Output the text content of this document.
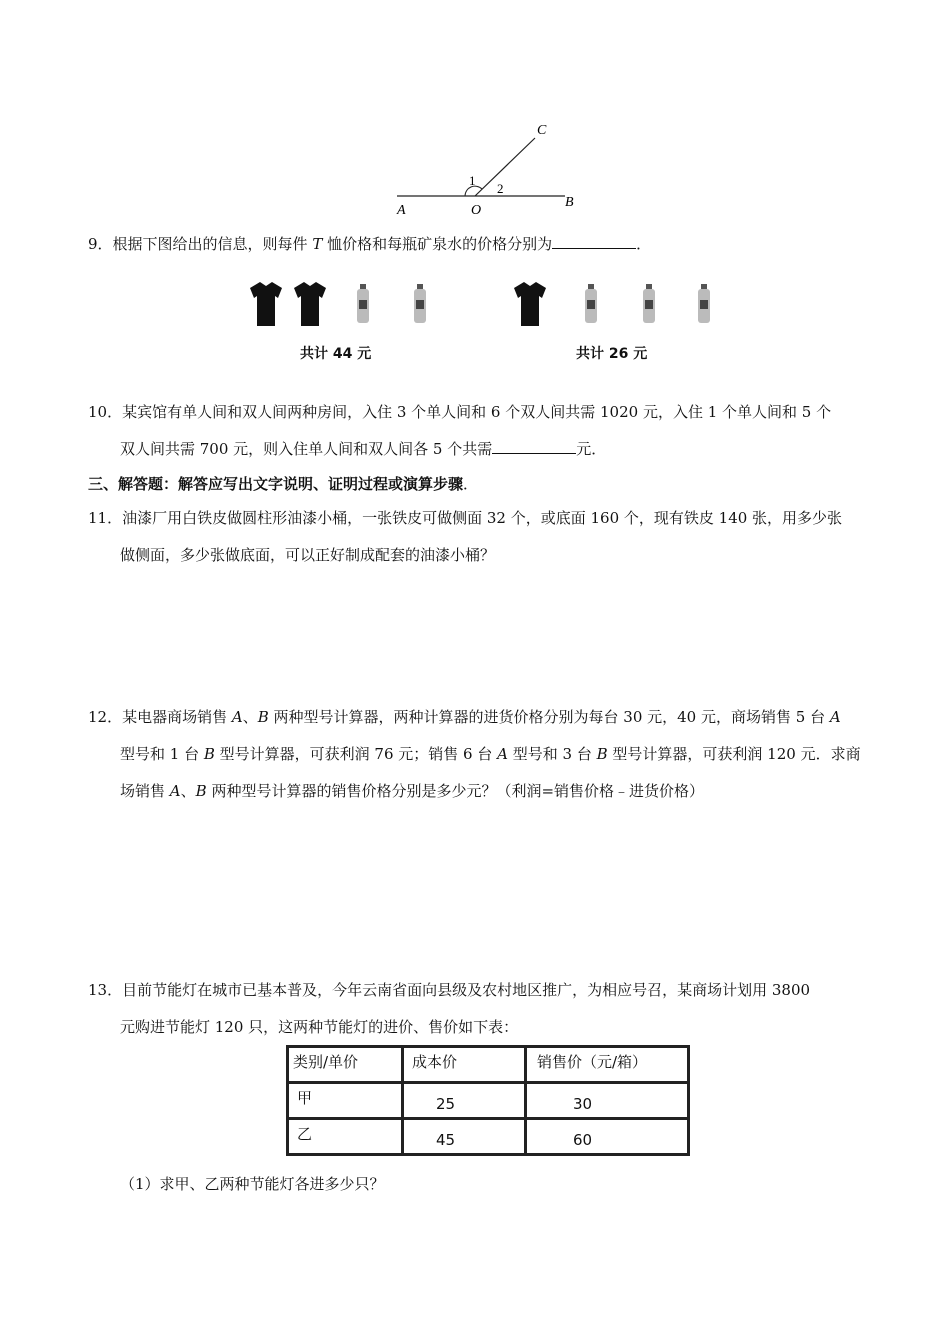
A	O
B
C
1
2
9．根据下图给出的信息，则每件 T 恤价格和每瓶矿泉水的价格分别为	．
共计 44 元	共计 26 元
10．某宾馆有单人间和双人间两种房间，入住 3 个单人间和 6 个双人间共需 1020 元，入住 1 个单人间和 5 个
双人间共需 700 元，则入住单人间和双人间各 5 个共需	元．
三、解答题：解答应写出文字说明、证明过程或演算步骤．
11．油漆厂用白铁皮做圆柱形油漆小桶，一张铁皮可做侧面 32 个，或底面 160 个，现有铁皮 140 张，用多少张
做侧面，多少张做底面，可以正好制成配套的油漆小桶？
12．某电器商场销售 A、B 两种型号计算器，两种计算器的进货价格分别为每台 30 元，40 元，商场销售 5 台 A
型号和 1 台 B 型号计算器，可获利润 76 元；销售 6 台 A 型号和 3 台 B 型号计算器，可获利润 120 元．求商
场销售 A、B 两种型号计算器的销售价格分别是多少元？（利润=销售价格﹣进货价格）
13．目前节能灯在城市已基本普及，今年云南省面向县级及农村地区推广，为相应号召，某商场计划用 3800
元购进节能灯 120 只，这两种节能灯的进价、售价如下表：
类别/单价	成本价	销售价（元/箱）
甲	25	30
乙	45	60
（1）求甲、乙两种节能灯各进多少只？
